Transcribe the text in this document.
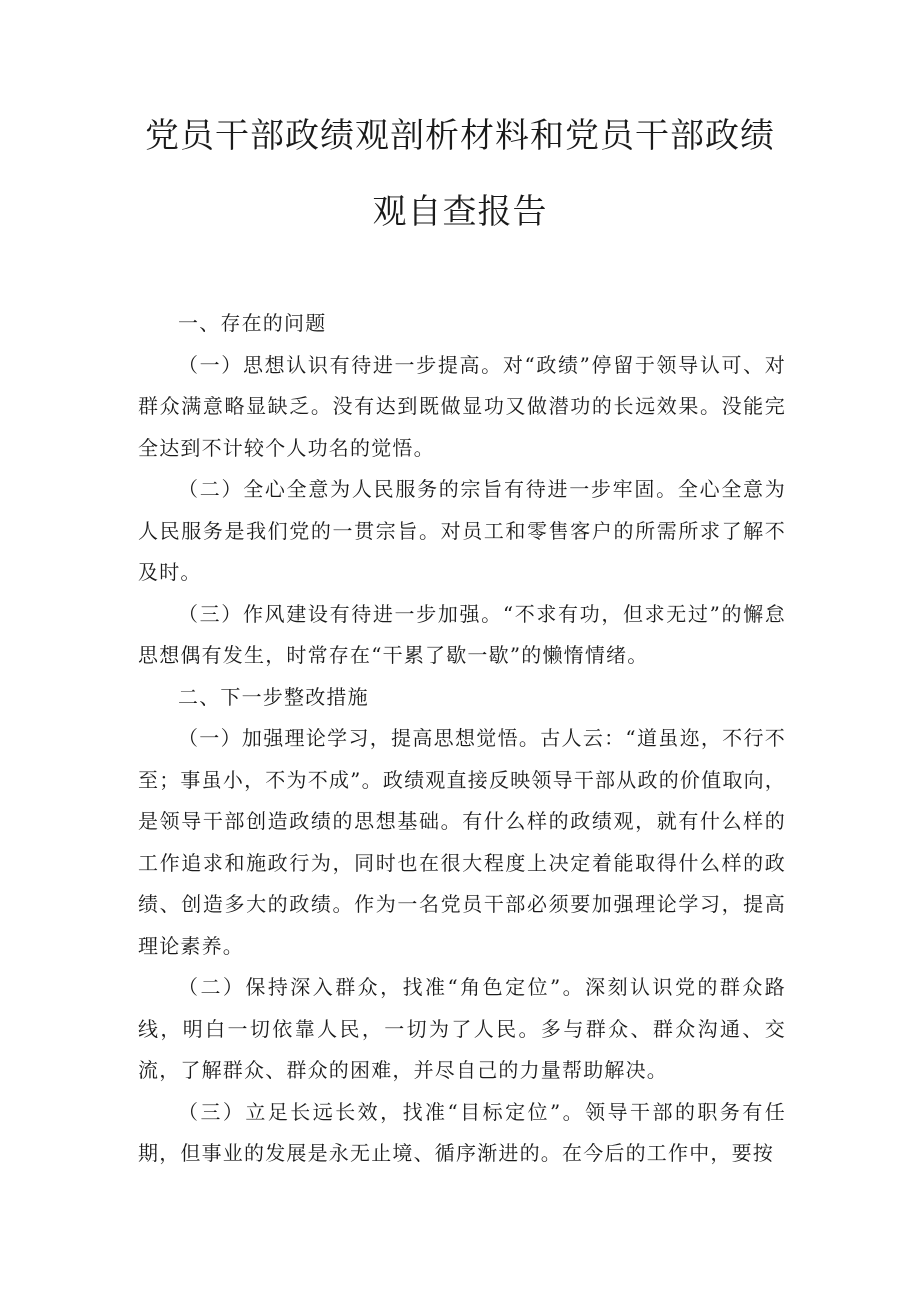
党员干部政绩观剖析材料和党员干部政绩观自查报告

一、存在的问题

（一）思想认识有待进一步提高。对“政绩”停留于领导认可、对群众满意略显缺乏。没有达到既做显功又做潜功的长远效果。没能完全达到不计较个人功名的觉悟。

（二）全心全意为人民服务的宗旨有待进一步牢固。全心全意为人民服务是我们党的一贯宗旨。对员工和零售客户的所需所求了解不及时。

（三）作风建设有待进一步加强。“不求有功，但求无过”的懈怠思想偶有发生，时常存在“干累了歇一歇”的懒惰情绪。

二、下一步整改措施

（一）加强理论学习，提高思想觉悟。古人云：“道虽迩，不行不至；事虽小，不为不成”。政绩观直接反映领导干部从政的价值取向，是领导干部创造政绩的思想基础。有什么样的政绩观，就有什么样的工作追求和施政行为，同时也在很大程度上决定着能取得什么样的政绩、创造多大的政绩。作为一名党员干部必须要加强理论学习，提高理论素养。

（二）保持深入群众，找准“角色定位”。深刻认识党的群众路线，明白一切依靠人民，一切为了人民。多与群众、群众沟通、交流，了解群众、群众的困难，并尽自己的力量帮助解决。

（三）立足长远长效，找准“目标定位”。领导干部的职务有任期，但事业的发展是永无止境、循序渐进的。在今后的工作中，要按
